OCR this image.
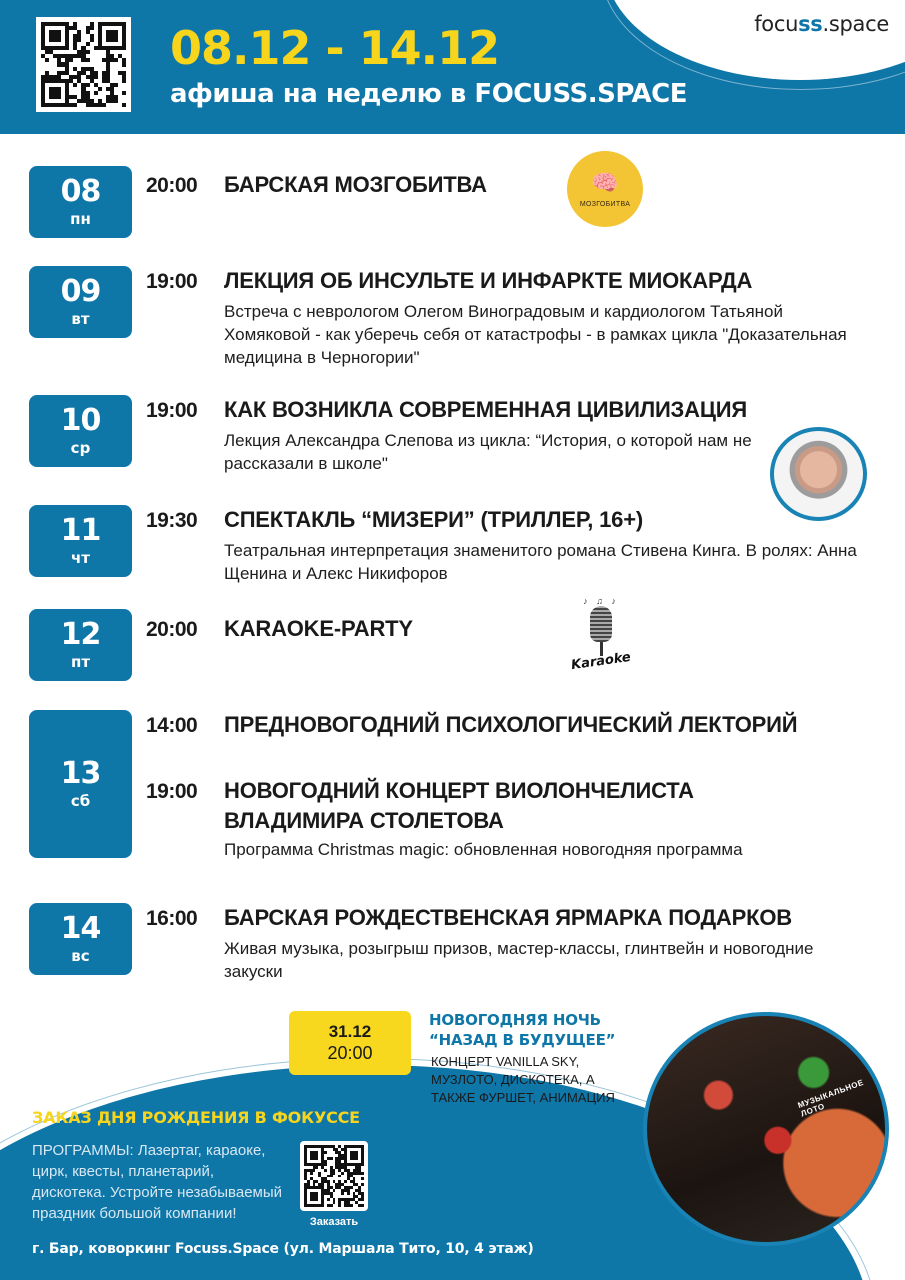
08.12 - 14.12
афиша на неделю в FOCUSS.SPACE
focuss.space
08
пн
20:00	БАРСКАЯ МОЗГОБИТВА	🧠
МОЗГОБИТВА
09
вт
19:00	ЛЕКЦИЯ ОБ ИНСУЛЬТЕ И ИНФАРКТЕ МИОКАРДА
Встреча с неврологом Олегом Виноградовым и кардиологом Татьяной Хомяковой - как уберечь себя от катастрофы - в рамках цикла "Доказательная медицина в Черногории"
10
ср
19:00	КАК ВОЗНИКЛА СОВРЕМЕННАЯ ЦИВИЛИЗАЦИЯ
Лекция Александра Слепова из цикла: “История, о которой нам не рассказали в школе"
11
чт
19:30	СПЕКТАКЛЬ “МИЗЕРИ” (ТРИЛЛЕР, 16+)
Театральная интерпретация знаменитого романа Стивена Кинга. В ролях: Анна Щенина и Алекс Никифоров
12
пт
20:00	KARAOKE-PARTY
♪ ♫ ♪
Karaoke
13
сб
14:00	ПРЕДНОВОГОДНИЙ ПСИХОЛОГИЧЕСКИЙ ЛЕКТОРИЙ
19:00	НОВОГОДНИЙ КОНЦЕРТ ВИОЛОНЧЕЛИСТА ВЛАДИМИРА СТОЛЕТОВА
Программа Christmas magic: обновленная новогодняя программа
14
вс
16:00	БАРСКАЯ РОЖДЕСТВЕНСКАЯ ЯРМАРКА ПОДАРКОВ
Живая музыка, розыгрыш призов, мастер-классы, глинтвейн и новогодние закуски
31.12
20:00
НОВОГОДНЯЯ НОЧЬ
“НАЗАД В БУДУЩЕЕ”
КОНЦЕРТ VANILLA SKY, МУЗЛОТО, ДИСКОТЕКА, А ТАКЖЕ ФУРШЕТ, АНИМАЦИЯ	МУЗЫКАЛЬНОЕ ЛОТО
ЗАКАЗ ДНЯ РОЖДЕНИЯ В ФОКУССЕ
ПРОГРАММЫ: Лазертаг, караоке, цирк, квесты, планетарий, дискотека. Устройте незабываемый праздник большой компании!	Заказать
г. Бар, коворкинг Focuss.Space (ул. Маршала Тито, 10, 4 этаж)
